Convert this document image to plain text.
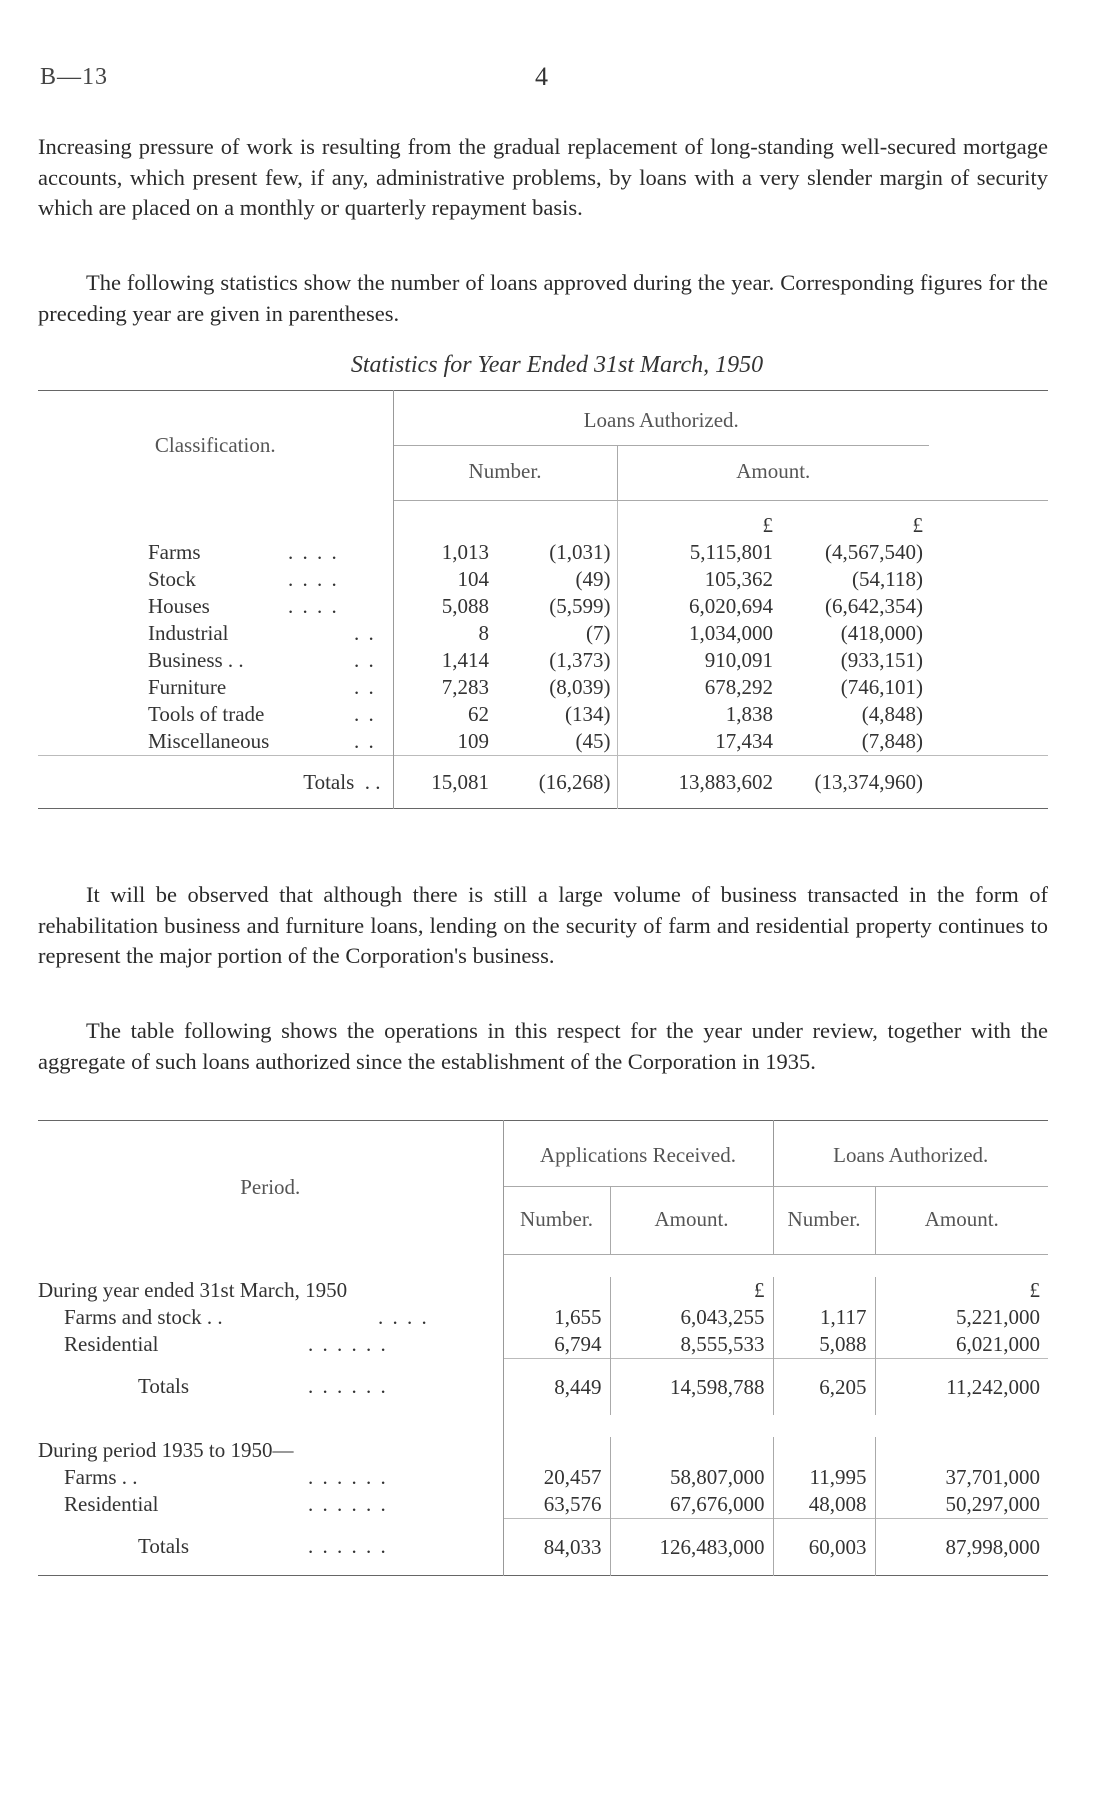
B—13	4
Increasing pressure of work is resulting from the gradual replacement of long-standing well-secured mortgage accounts, which present few, if any, administrative problems, by loans with a very slender margin of security which are placed on a monthly or quarterly repayment basis.
The following statistics show the number of loans approved during the year. Corresponding figures for the preceding year are given in parentheses.
Statistics for Year Ended 31st March, 1950
Classification.	Loans Authorized.				
	Number.		Amount.		
			£	£	
Farms . . . .	1,013	(1,031)	5,115,801	(4,567,540)	
Stock . . . .	104	(49)	105,362	(54,118)	
Houses . . . .	5,088	(5,599)	6,020,694	(6,642,354)	
Industrial . .	8	(7)	1,034,000	(418,000)	
Business . . . .	1,414	(1,373)	910,091	(933,151)	
Furniture . .	7,283	(8,039)	678,292	(746,101)	
Tools of trade . .	62	(134)	1,838	(4,848)	
Miscellaneous . .	109	(45)	17,434	(7,848)	
Totals . .	15,081	(16,268)	13,883,602	(13,374,960)	
It will be observed that although there is still a large volume of business transacted in the form of rehabilitation business and furniture loans, lending on the security of farm and residential property continues to represent the major portion of the Corporation's business.
The table following shows the operations in this respect for the year under review, together with the aggregate of such loans authorized since the establishment of the Corporation in 1935.
Period.	Applications Received.		Loans Authorized.	
	Number.	Amount.	Number.	Amount.

During year ended 31st March, 1950		£		£
Farms and stock . . . . . .	1,655	6,043,255	1,117	5,221,000
Residential . . . . . .	6,794	8,555,533	5,088	6,021,000
Totals . . . . . .	8,449	14,598,788	6,205	11,242,000

During period 1935 to 1950—				
Farms . . . . . . . .	20,457	58,807,000	11,995	37,701,000
Residential . . . . . .	63,576	67,676,000	48,008	50,297,000
Totals . . . . . .	84,033	126,483,000	60,003	87,998,000
